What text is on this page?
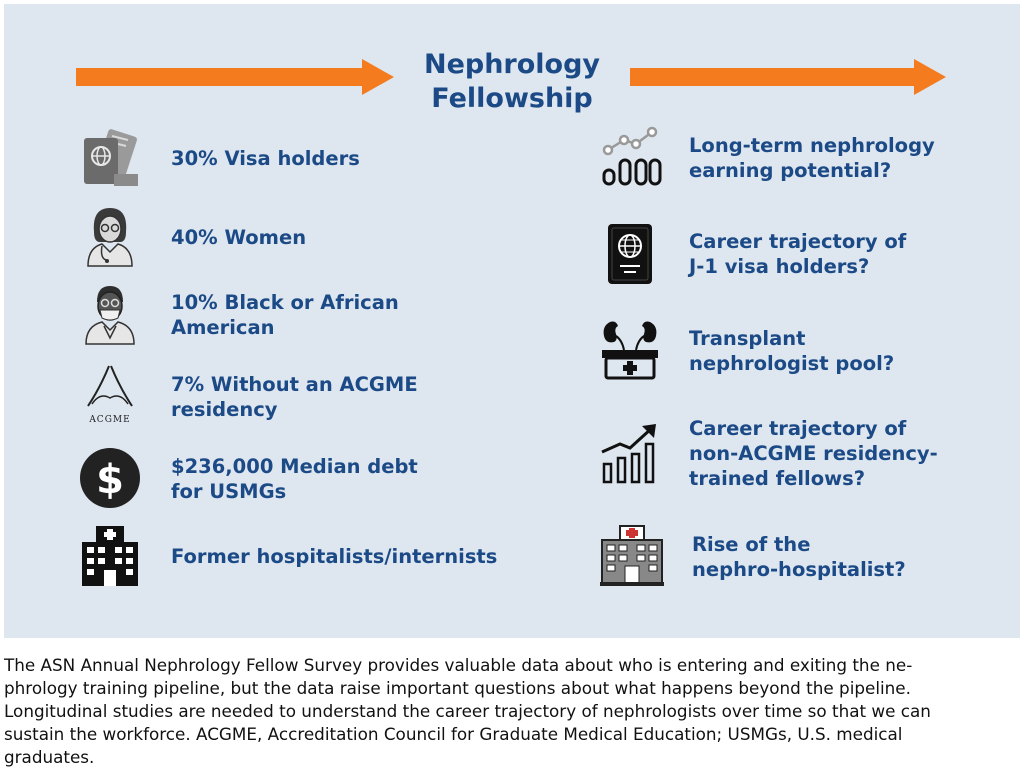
Nephrology
Fellowship
30% Visa holders
40% Women
10% Black or African
American
ACGME
7% Without an ACGME
residency
$ $236,000 Median debt
for USMGs
Former hospitalists/internists
Long-term nephrology
earning potential?
Career trajectory of
J-1 visa holders?
Transplant
nephrologist pool?
Career trajectory of
non-ACGME residency-
trained fellows?
Rise of the
nephro-hospitalist?
The ASN Annual Nephrology Fellow Survey provides valuable data about who is entering and exiting the ne-
phrology training pipeline, but the data raise important questions about what happens beyond the pipeline.
Longitudinal studies are needed to understand the career trajectory of nephrologists over time so that we can
sustain the workforce. ACGME, Accreditation Council for Graduate Medical Education; USMGs, U.S. medical
graduates.
